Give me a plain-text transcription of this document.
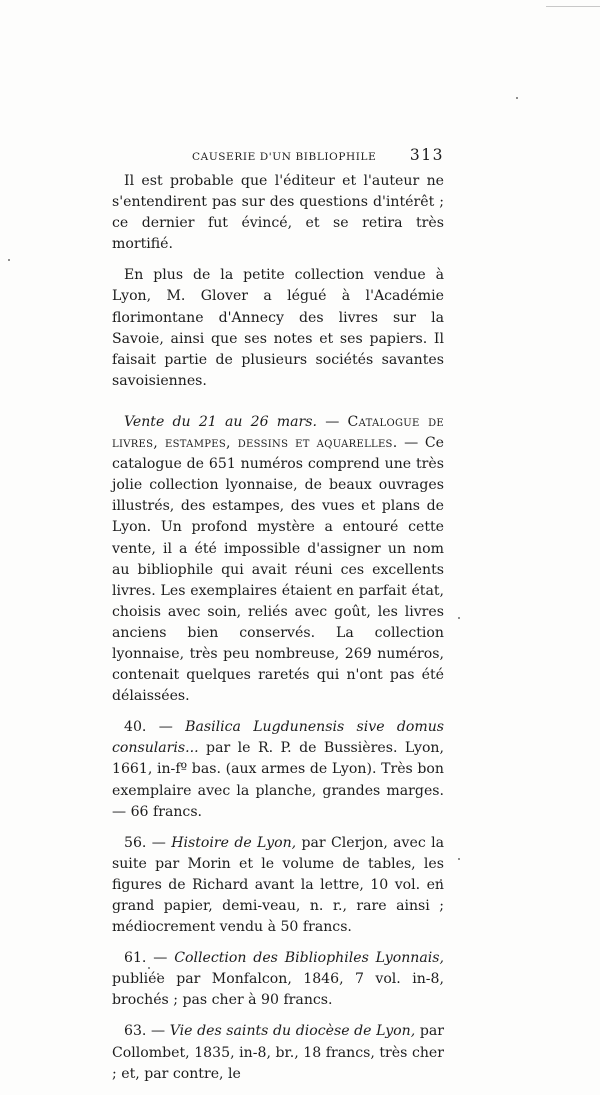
CAUSERIE D'UN BIBLIOPHILE 313

Il est probable que l'éditeur et l'auteur ne s'entendirent pas sur des questions d'intérêt ; ce dernier fut évincé, et se retira très mortifié.

En plus de la petite collection vendue à Lyon, M. Glover a légué à l'Académie florimontane d'Annecy des livres sur la Savoie, ainsi que ses notes et ses papiers. Il faisait partie de plusieurs sociétés savantes savoisiennes.

Vente du 21 au 26 mars. — Catalogue de livres, estampes, dessins et aquarelles. — Ce catalogue de 651 numéros comprend une très jolie collection lyonnaise, de beaux ouvrages illustrés, des estampes, des vues et plans de Lyon. Un profond mystère a entouré cette vente, il a été impossible d'assigner un nom au bibliophile qui avait réuni ces excellents livres. Les exemplaires étaient en parfait état, choisis avec soin, reliés avec goût, les livres anciens bien conservés. La collection lyonnaise, très peu nombreuse, 269 numéros, contenait quelques raretés qui n'ont pas été délaissées.

40. — Basilica Lugdunensis sive domus consularis... par le R. P. de Bussières. Lyon, 1661, in-fº bas. (aux armes de Lyon). Très bon exemplaire avec la planche, grandes marges. — 66 francs.

56. — Histoire de Lyon, par Clerjon, avec la suite par Morin et le volume de tables, les figures de Richard avant la lettre, 10 vol. en grand papier, demi-veau, n. r., rare ainsi ; médiocrement vendu à 50 francs.

61. — Collection des Bibliophiles Lyonnais, publiée par Monfalcon, 1846, 7 vol. in-8, brochés ; pas cher à 90 francs.

63. — Vie des saints du diocèse de Lyon, par Collombet, 1835, in-8, br., 18 francs, très cher ; et, par contre, le
